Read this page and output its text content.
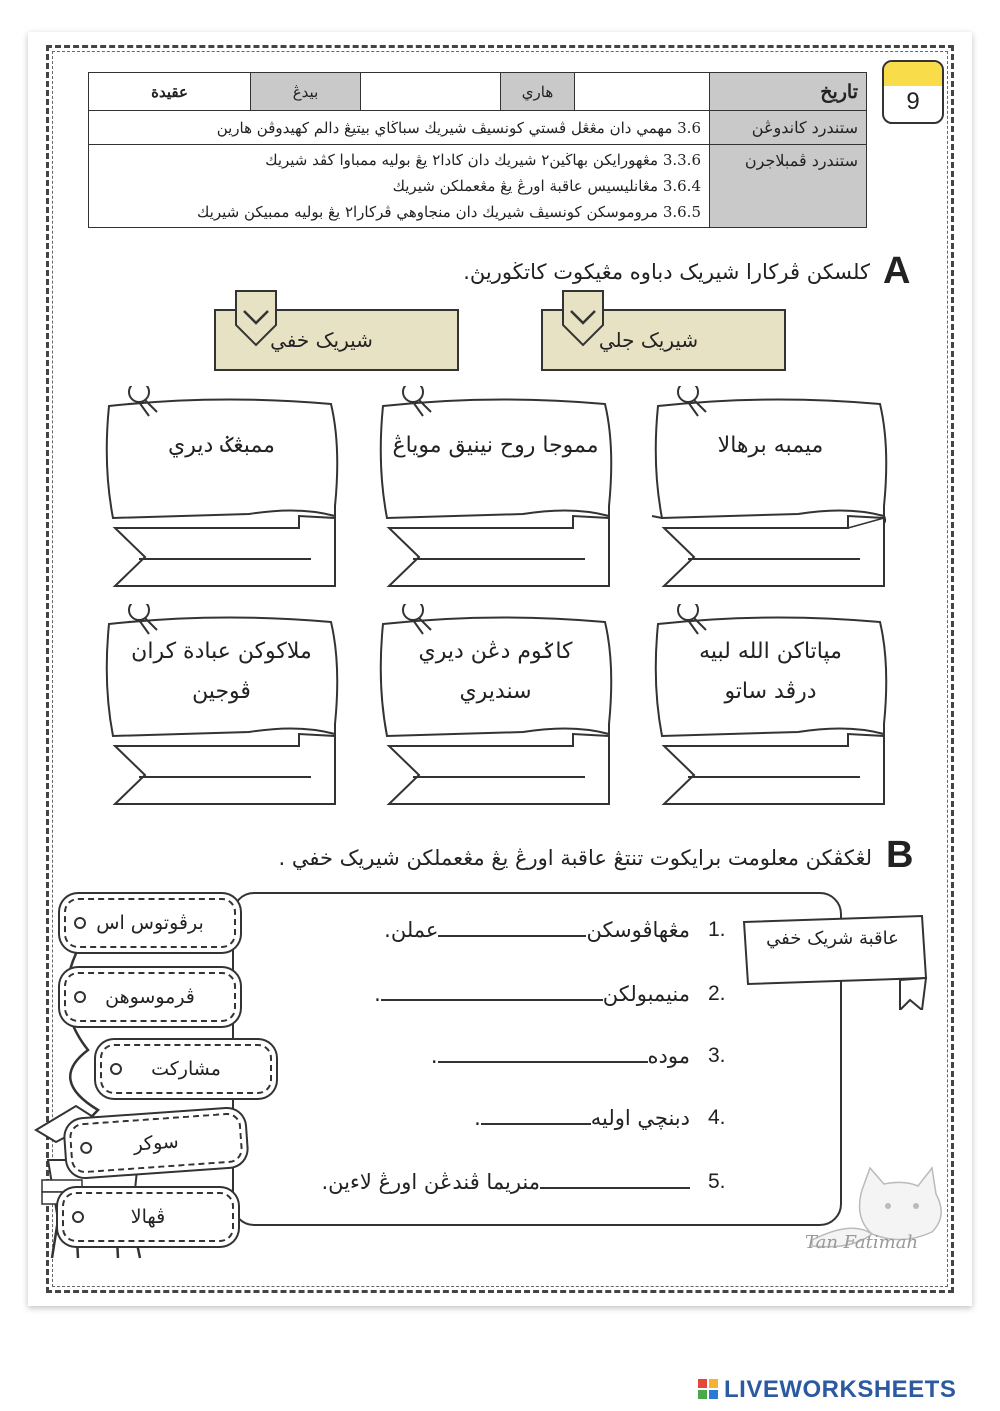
9
تاريخ		هاري		بيدڠ	عقيدة
ستندرد كاندوڠن	3.6 مهمي دان مڠڠل ڤستي كونسيڤ شيريك سباڬاي بيتيڠ دالم كهيدوڤن هارين				
ستندرد ڤمبلاجرن	3.3.6 مڠهورايكن بهاڬين٢ شيريك دان كادا٢ يڠ بوليه ممباوا كڤد شيريك
3.6.4 مڠانليسيس عاقبة اورڠ يڠ مڠعملكن شيريك
3.6.5 مروموسكن كونسيڤ شيريك دان منجاوهي ڤركارا٢ يڠ بوليه ممبيكن شيريك				
A
كلسكن ڤركارا شيريک دباوه مڠيكوت كاتڬوريڽ.
شيريک جلي
شيريک خفي
ميمبه برهالا
مموجا روح نينيق موياڠ
ممبڠݢ ديري
مڽاتاكن الله لبيه
درڤد ساتو
كاݢوم دڠن ديري
سنديري
ملاكوكن عبادة كران
ڤوجين
B
لڠكڤكن معلومت برايكوت تنتڠ عاقبة اورڠ يڠ مڠعملكن شيريک خفي .
1.
مڠهاڤوسكنعملن.
2.
منيمبولكن.
3.
موده.
4.
دبنچي اوليه.
5.
منريما ڤندڠن اورڠ لاءين.
عاقبة شريک خفي
برڤوتوس اس
ڤرموسوهن
مشاركت
سوكر
ڤهالا
Tan Fatimah
LIVEWORKSHEETS
